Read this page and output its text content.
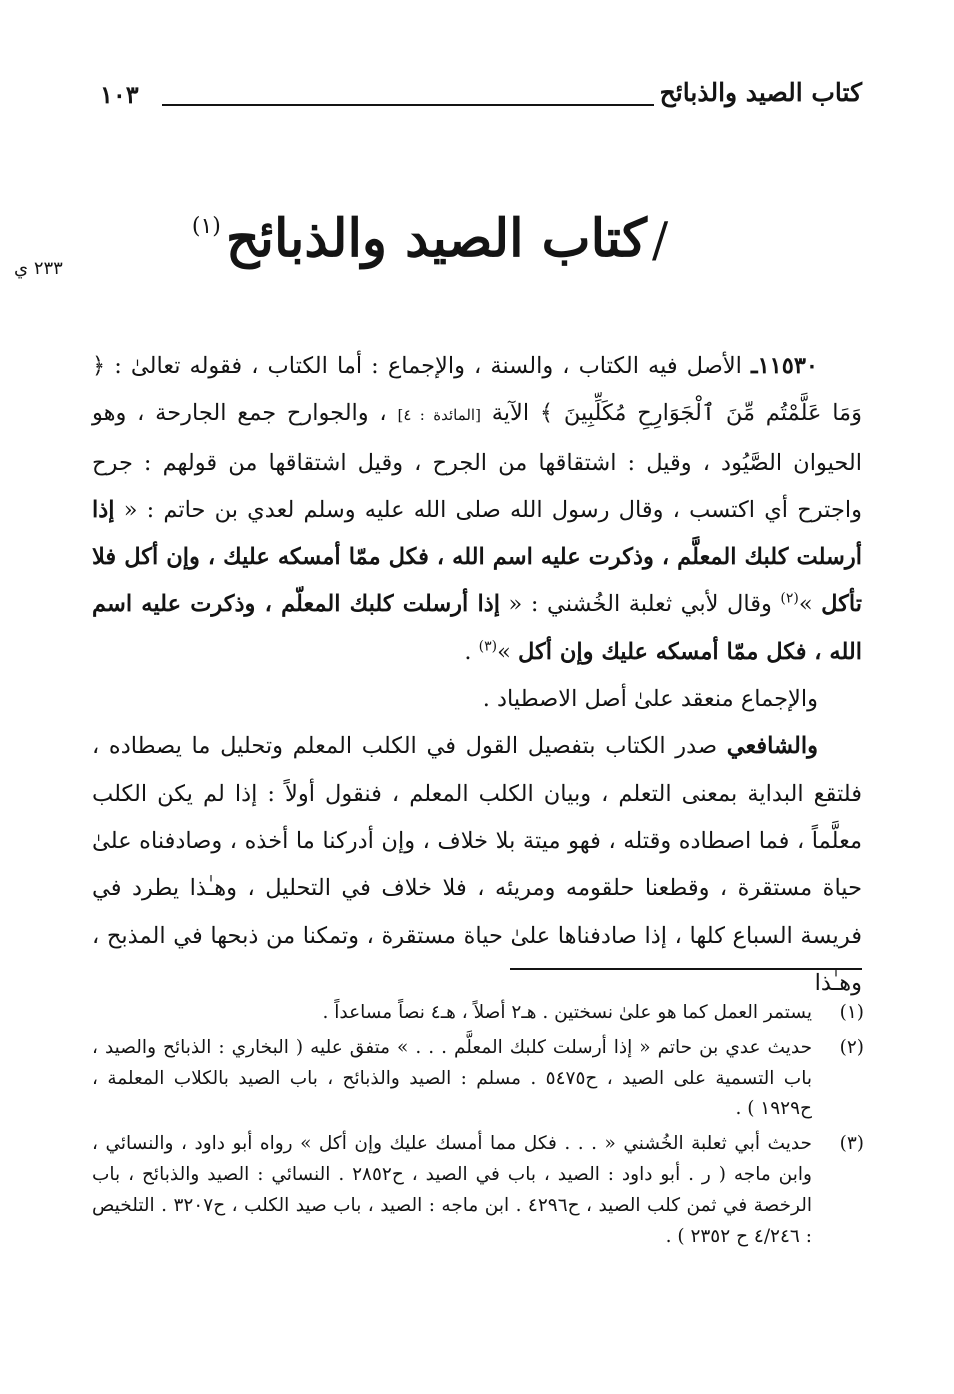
كتاب الصيد والذبائح
١٠٣
/ كتاب الصيد والذبائح (١)
٢٣٣ ي

١١٥٣٠ـ الأصل فيه الكتاب ، والسنة ، والإجماع : أما الكتاب ، فقوله تعالىٰ : ﴿ وَمَا عَلَّمْتُم مِّنَ ٱلْجَوَارِحِ مُكَلِّبِينَ ﴾ الآية [المائدة : ٤] ، والجوارح جمع الجارحة ، وهو الحيوان الصَّيُود ، وقيل : اشتقاقها من الجرح ، وقيل اشتقاقها من قولهم : جرح واجترح أي اكتسب ، وقال رسول الله صلى الله عليه وسلم لعدي بن حاتم : « إذا أرسلت كلبك المعلَّم ، وذكرت عليه اسم الله ، فكل ممّا أمسكه عليك ، وإن أكل فلا تأكل »$^{(٢)}$ وقال لأبي ثعلبة الخُشني : « إذا أرسلت كلبك المعلّم ، وذكرت عليه اسم الله ، فكل ممّا أمسكه عليك وإن أكل »$^{(٣)}$ .

والإجماع منعقد علىٰ أصل الاصطياد .

والشافعي صدر الكتاب بتفصيل القول في الكلب المعلم وتحليل ما يصطاده ، فلتقع البداية بمعنى التعلم ، وبيان الكلب المعلم ، فنقول أولاً : إذا لم يكن الكلب معلَّماً ، فما اصطاده وقتله ، فهو ميتة بلا خلاف ، وإن أدركنا ما أخذه ، وصادفناه علىٰ حياة مستقرة ، وقطعنا حلقومه ومريئه ، فلا خلاف في التحليل ، وهـٰذا يطرد في فريسة السباع كلها ، إذا صادفناها علىٰ حياة مستقرة ، وتمكنا من ذبحها في المذبح ، وهـٰذا

(١)
يستمر العمل كما هو علىٰ نسختين . هـ٢ أصلاً ، هـ٤ نصاً مساعداً .
(٢)
حديث عدي بن حاتم « إذا أرسلت كلبك المعلَّم . . . » متفق عليه ( البخاري : الذبائح والصيد ، باب التسمية على الصيد ، ح٥٤٧٥ . مسلم : الصيد والذبائح ، باب الصيد بالكلاب المعلمة ، ح١٩٢٩ ) .
(٣)
حديث أبي ثعلبة الخُشني « . . . فكل مما أمسك عليك وإن أكل » رواه أبو داود ، والنسائي ، وابن ماجه ( ر . أبو داود : الصيد ، باب في الصيد ، ح٢٨٥٢ . النسائي : الصيد والذبائح ، باب الرخصة في ثمن كلب الصيد ، ح٤٢٩٦ . ابن ماجه : الصيد ، باب صيد الكلب ، ح٣٢٠٧ . التلخيص : ٤/٢٤٦ ح ٢٣٥٢ ) .
